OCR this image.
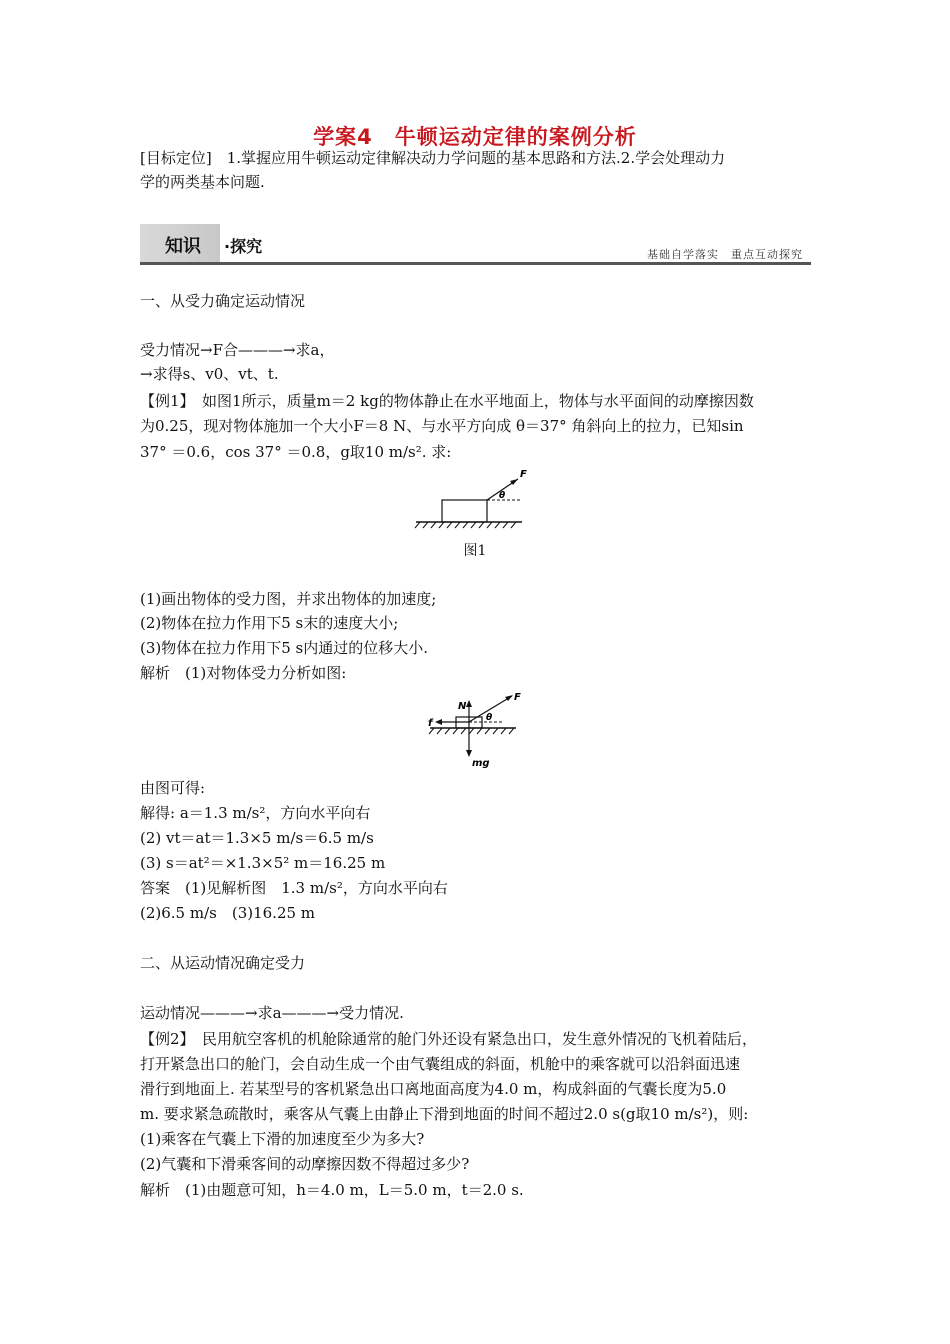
学案4　牛顿运动定律的案例分析
[目标定位]　1.掌握应用牛顿运动定律解决动力学问题的基本思路和方法.2.学会处理动力
学的两类基本问题.
知识 ·探究	基础自学落实　重点互动探究
一、从受力确定运动情况
受力情况→F合———→求a，
→求得s、v0、vt、t.
【例1】　如图1所示，质量m＝2 kg的物体静止在水平地面上，物体与水平面间的动摩擦因数
为0.25，现对物体施加一个大小F＝8 N、与水平方向成 θ＝37° 角斜向上的拉力，已知sin
37° ＝0.6，cos 37° ＝0.8，g取10 m/s². 求:
F
θ
图1
(1)画出物体的受力图，并求出物体的加速度;
(2)物体在拉力作用下5 s末的速度大小;
(3)物体在拉力作用下5 s内通过的位移大小.
解析　(1)对物体受力分析如图:
N
F
f	θ
mg
由图可得:
解得: a＝1.3 m/s²，方向水平向右
(2) vt＝at＝1.3×5 m/s＝6.5 m/s
(3) s＝at²＝×1.3×5² m＝16.25 m
答案　(1)见解析图　1.3 m/s²，方向水平向右
(2)6.5 m/s　(3)16.25 m
二、从运动情况确定受力
运动情况———→求a———→受力情况.
【例2】　民用航空客机的机舱除通常的舱门外还设有紧急出口，发生意外情况的飞机着陆后，
打开紧急出口的舱门，会自动生成一个由气囊组成的斜面，机舱中的乘客就可以沿斜面迅速
滑行到地面上. 若某型号的客机紧急出口离地面高度为4.0 m，构成斜面的气囊长度为5.0
m. 要求紧急疏散时，乘客从气囊上由静止下滑到地面的时间不超过2.0 s(g取10 m/s²)，则:
(1)乘客在气囊上下滑的加速度至少为多大?
(2)气囊和下滑乘客间的动摩擦因数不得超过多少?
解析　(1)由题意可知，h＝4.0 m，L＝5.0 m，t＝2.0 s.
